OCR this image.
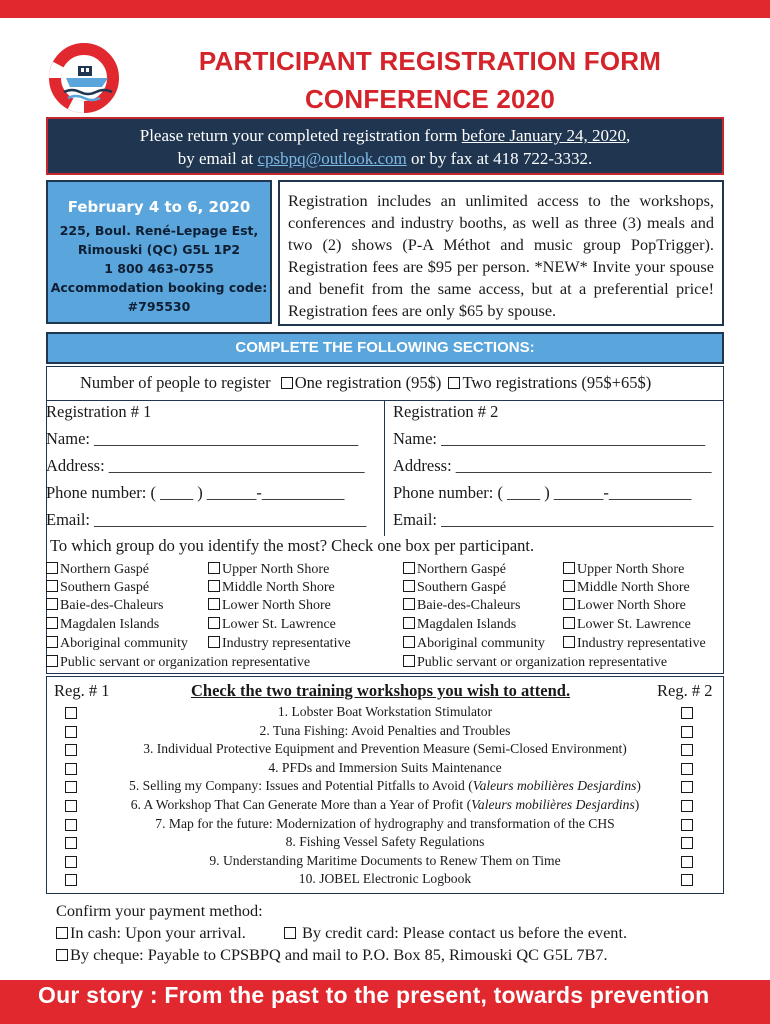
PARTICIPANT REGISTRATION FORM
CONFERENCE 2020
Please return your completed registration form before January 24, 2020,
by email at cpsbpq@outlook.com or by fax at 418 722-3332.
February 4 to 6, 2020
225, Boul. René-Lepage Est,
Rimouski (QC) G5L 1P2
1 800 463-0755
Accommodation booking code:
#795530
Registration includes an unlimited access to the workshops, conferences and industry booths, as well as three (3) meals and two (2) shows (P-A Méthot and music group PopTrigger). Registration fees are $95 per person. *NEW* Invite your spouse and benefit from the same access, but at a preferential price! Registration fees are only $65 by spouse.
COMPLETE THE FOLLOWING SECTIONS:
Number of people to register One registration (95$) Two registrations (95$+65$)
Registration # 1
Name: ________________________________
Address: _______________________________
Phone number: ( ____ ) ______-__________
Email: _________________________________
Registration # 2
Name: ________________________________
Address: _______________________________
Phone number: ( ____ ) ______-__________
Email: _________________________________
To which group do you identify the most? Check one box per participant.
Northern Gaspé
Southern Gaspé
Baie-des-Chaleurs
Magdalen Islands
Aboriginal community
Public servant or organization representative
Upper North Shore
Middle North Shore
Lower North Shore
Lower St. Lawrence
Industry representative
Northern Gaspé
Southern Gaspé
Baie-des-Chaleurs
Magdalen Islands
Aboriginal community
Public servant or organization representative
Upper North Shore
Middle North Shore
Lower North Shore
Lower St. Lawrence
Industry representative
Reg. # 1	Reg. # 2
Check the two training workshops you wish to attend.
1. Lobster Boat Workstation Stimulator
2. Tuna Fishing: Avoid Penalties and Troubles
3. Individual Protective Equipment and Prevention Measure (Semi-Closed Environment)
4. PFDs and Immersion Suits Maintenance
5. Selling my Company: Issues and Potential Pitfalls to Avoid (Valeurs mobilières Desjardins)
6. A Workshop That Can Generate More than a Year of Profit (Valeurs mobilières Desjardins)
7. Map for the future: Modernization of hydrography and transformation of the CHS
8. Fishing Vessel Safety Regulations
9. Understanding Maritime Documents to Renew Them on Time
10. JOBEL Electronic Logbook
Confirm your payment method:
In cash: Upon your arrival.	By credit card: Please contact us before the event.
By cheque: Payable to CPSBPQ and mail to P.O. Box 85, Rimouski QC G5L 7B7.
Our story : From the past to the present, towards prevention
